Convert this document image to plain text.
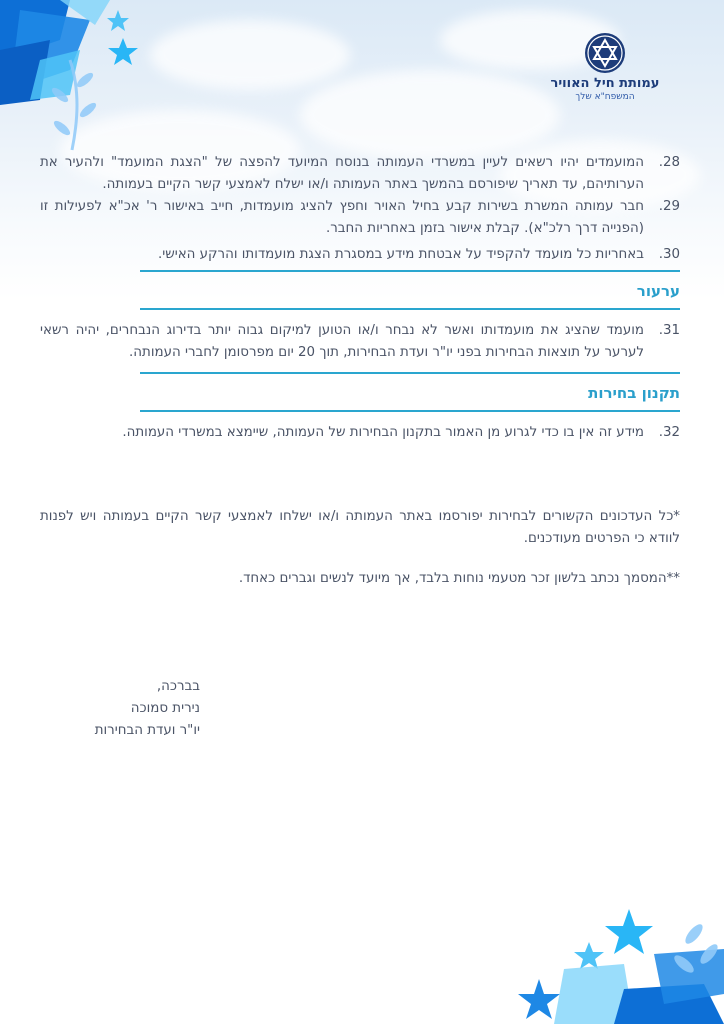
עמותת חיל האוויר
המשפח"א שלך
.28
המועמדים יהיו רשאים לעיין במשרדי העמותה בנוסח המיועד להפצה של "הצגת המועמד" ולהעיר את הערותיהם, עד תאריך שיפורסם בהמשך באתר העמותה ו/או ישלח לאמצעי קשר הקיים בעמותה.
.29
חבר עמותה המשרת בשירות קבע בחיל האויר וחפץ להציג מועמדות, חייב באישור ר' אכ"א לפעילות זו (הפנייה דרך רלכ"א). קבלת אישור בזמן באחריות החבר.
.30
באחריות כל מועמד להקפיד על אבטחת מידע במסגרת הצגת מועמדותו והרקע האישי.
ערעור
.31
מועמד שהציג את מועמדותו ואשר לא נבחר ו/או הטוען למיקום גבוה יותר בדירוג הנבחרים, יהיה רשאי לערער על תוצאות הבחירות בפני יו"ר ועדת הבחירות, תוך 20 יום מפרסומן לחברי העמותה.
תקנון בחירות
.32
מידע זה אין בו כדי לגרוע מן האמור בתקנון הבחירות של העמותה, שיימצא במשרדי העמותה.
*כל העדכונים הקשורים לבחירות יפורסמו באתר העמותה ו/או ישלחו לאמצעי קשר הקיים בעמותה ויש לפנות לוודא כי הפרטים מעודכנים.
**המסמך נכתב בלשון זכר מטעמי נוחות בלבד, אך מיועד לנשים וגברים כאחד.
בברכה,
נירית סמוכה
יו"ר ועדת הבחירות
